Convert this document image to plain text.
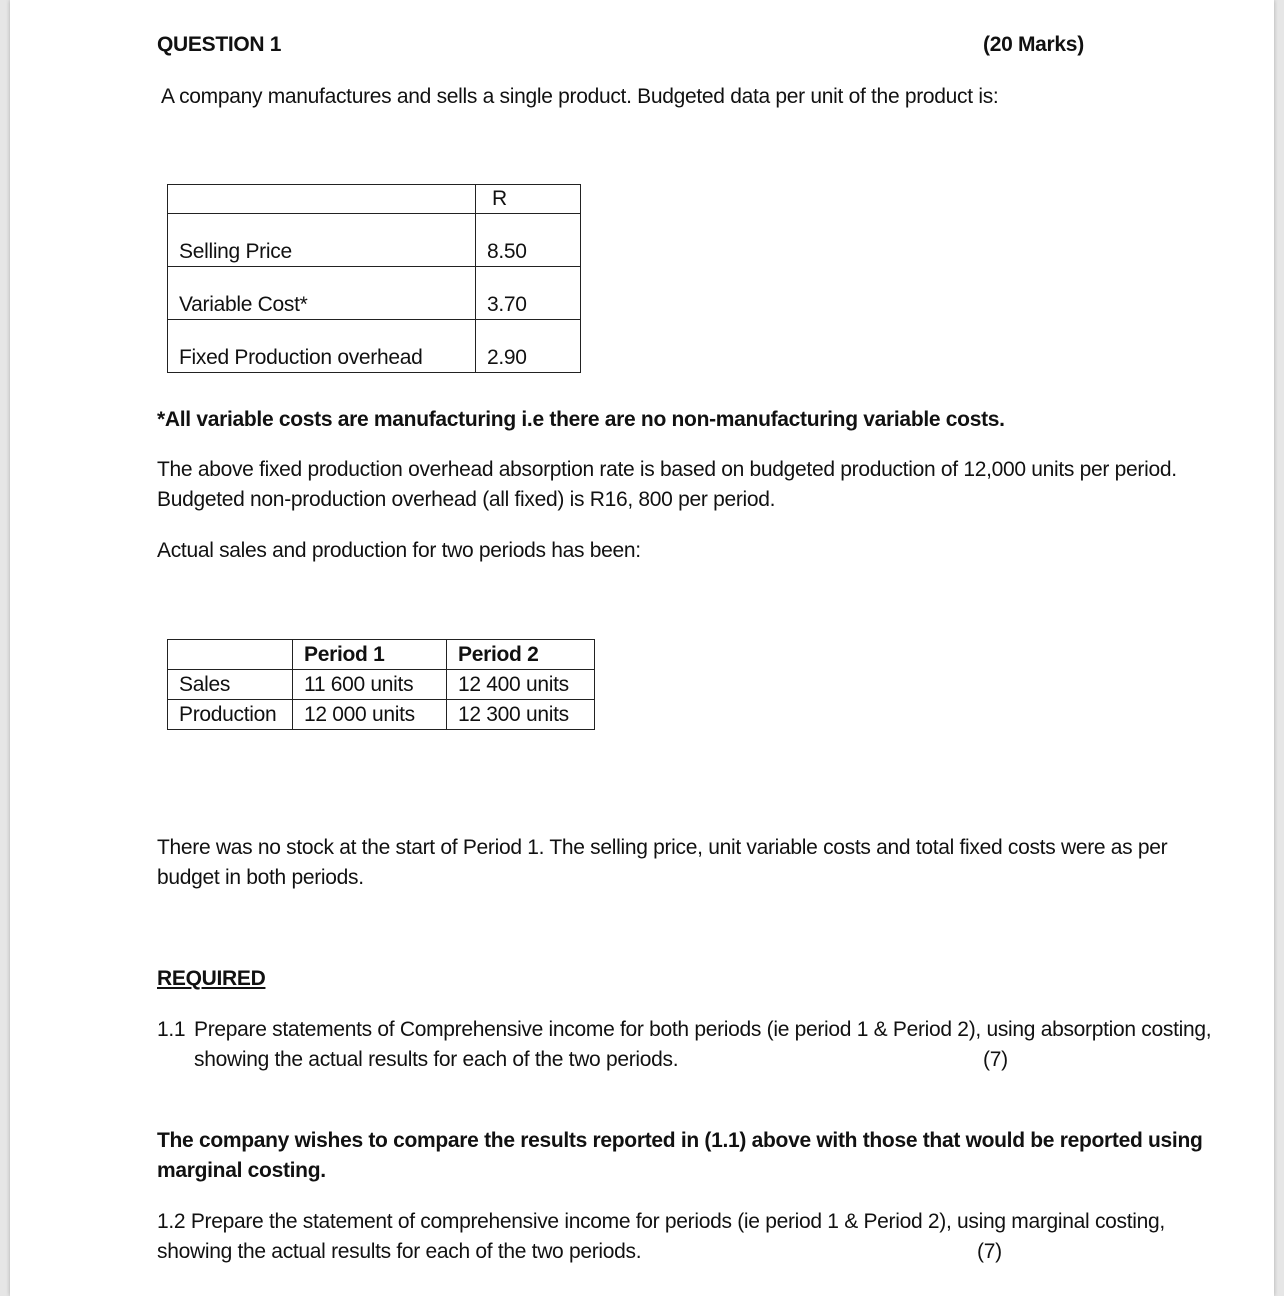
QUESTION 1	(20 Marks)
A company manufactures and sells a single product. Budgeted data per unit of the product is:
	R
Selling Price	8.50
Variable Cost*	3.70
Fixed Production overhead	2.90
*All variable costs are manufacturing i.e there are no non-manufacturing variable costs.
The above fixed production overhead absorption rate is based on budgeted production of 12,000 units per period.
Budgeted non-production overhead (all fixed) is R16, 800 per period.
Actual sales and production for two periods has been:
	Period 1	Period 2
Sales	11 600 units	12 400 units
Production	12 000 units	12 300 units
There was no stock at the start of Period 1. The selling price, unit variable costs and total fixed costs were as per
budget in both periods.
REQUIRED
1.1 Prepare statements of Comprehensive income for both periods (ie period 1 & Period 2), using absorption costing,
showing the actual results for each of the two periods.	(7)
The company wishes to compare the results reported in (1.1) above with those that would be reported using
marginal costing.
1.2 Prepare the statement of comprehensive income for periods (ie period 1 & Period 2), using marginal costing,
showing the actual results for each of the two periods.	(7)
